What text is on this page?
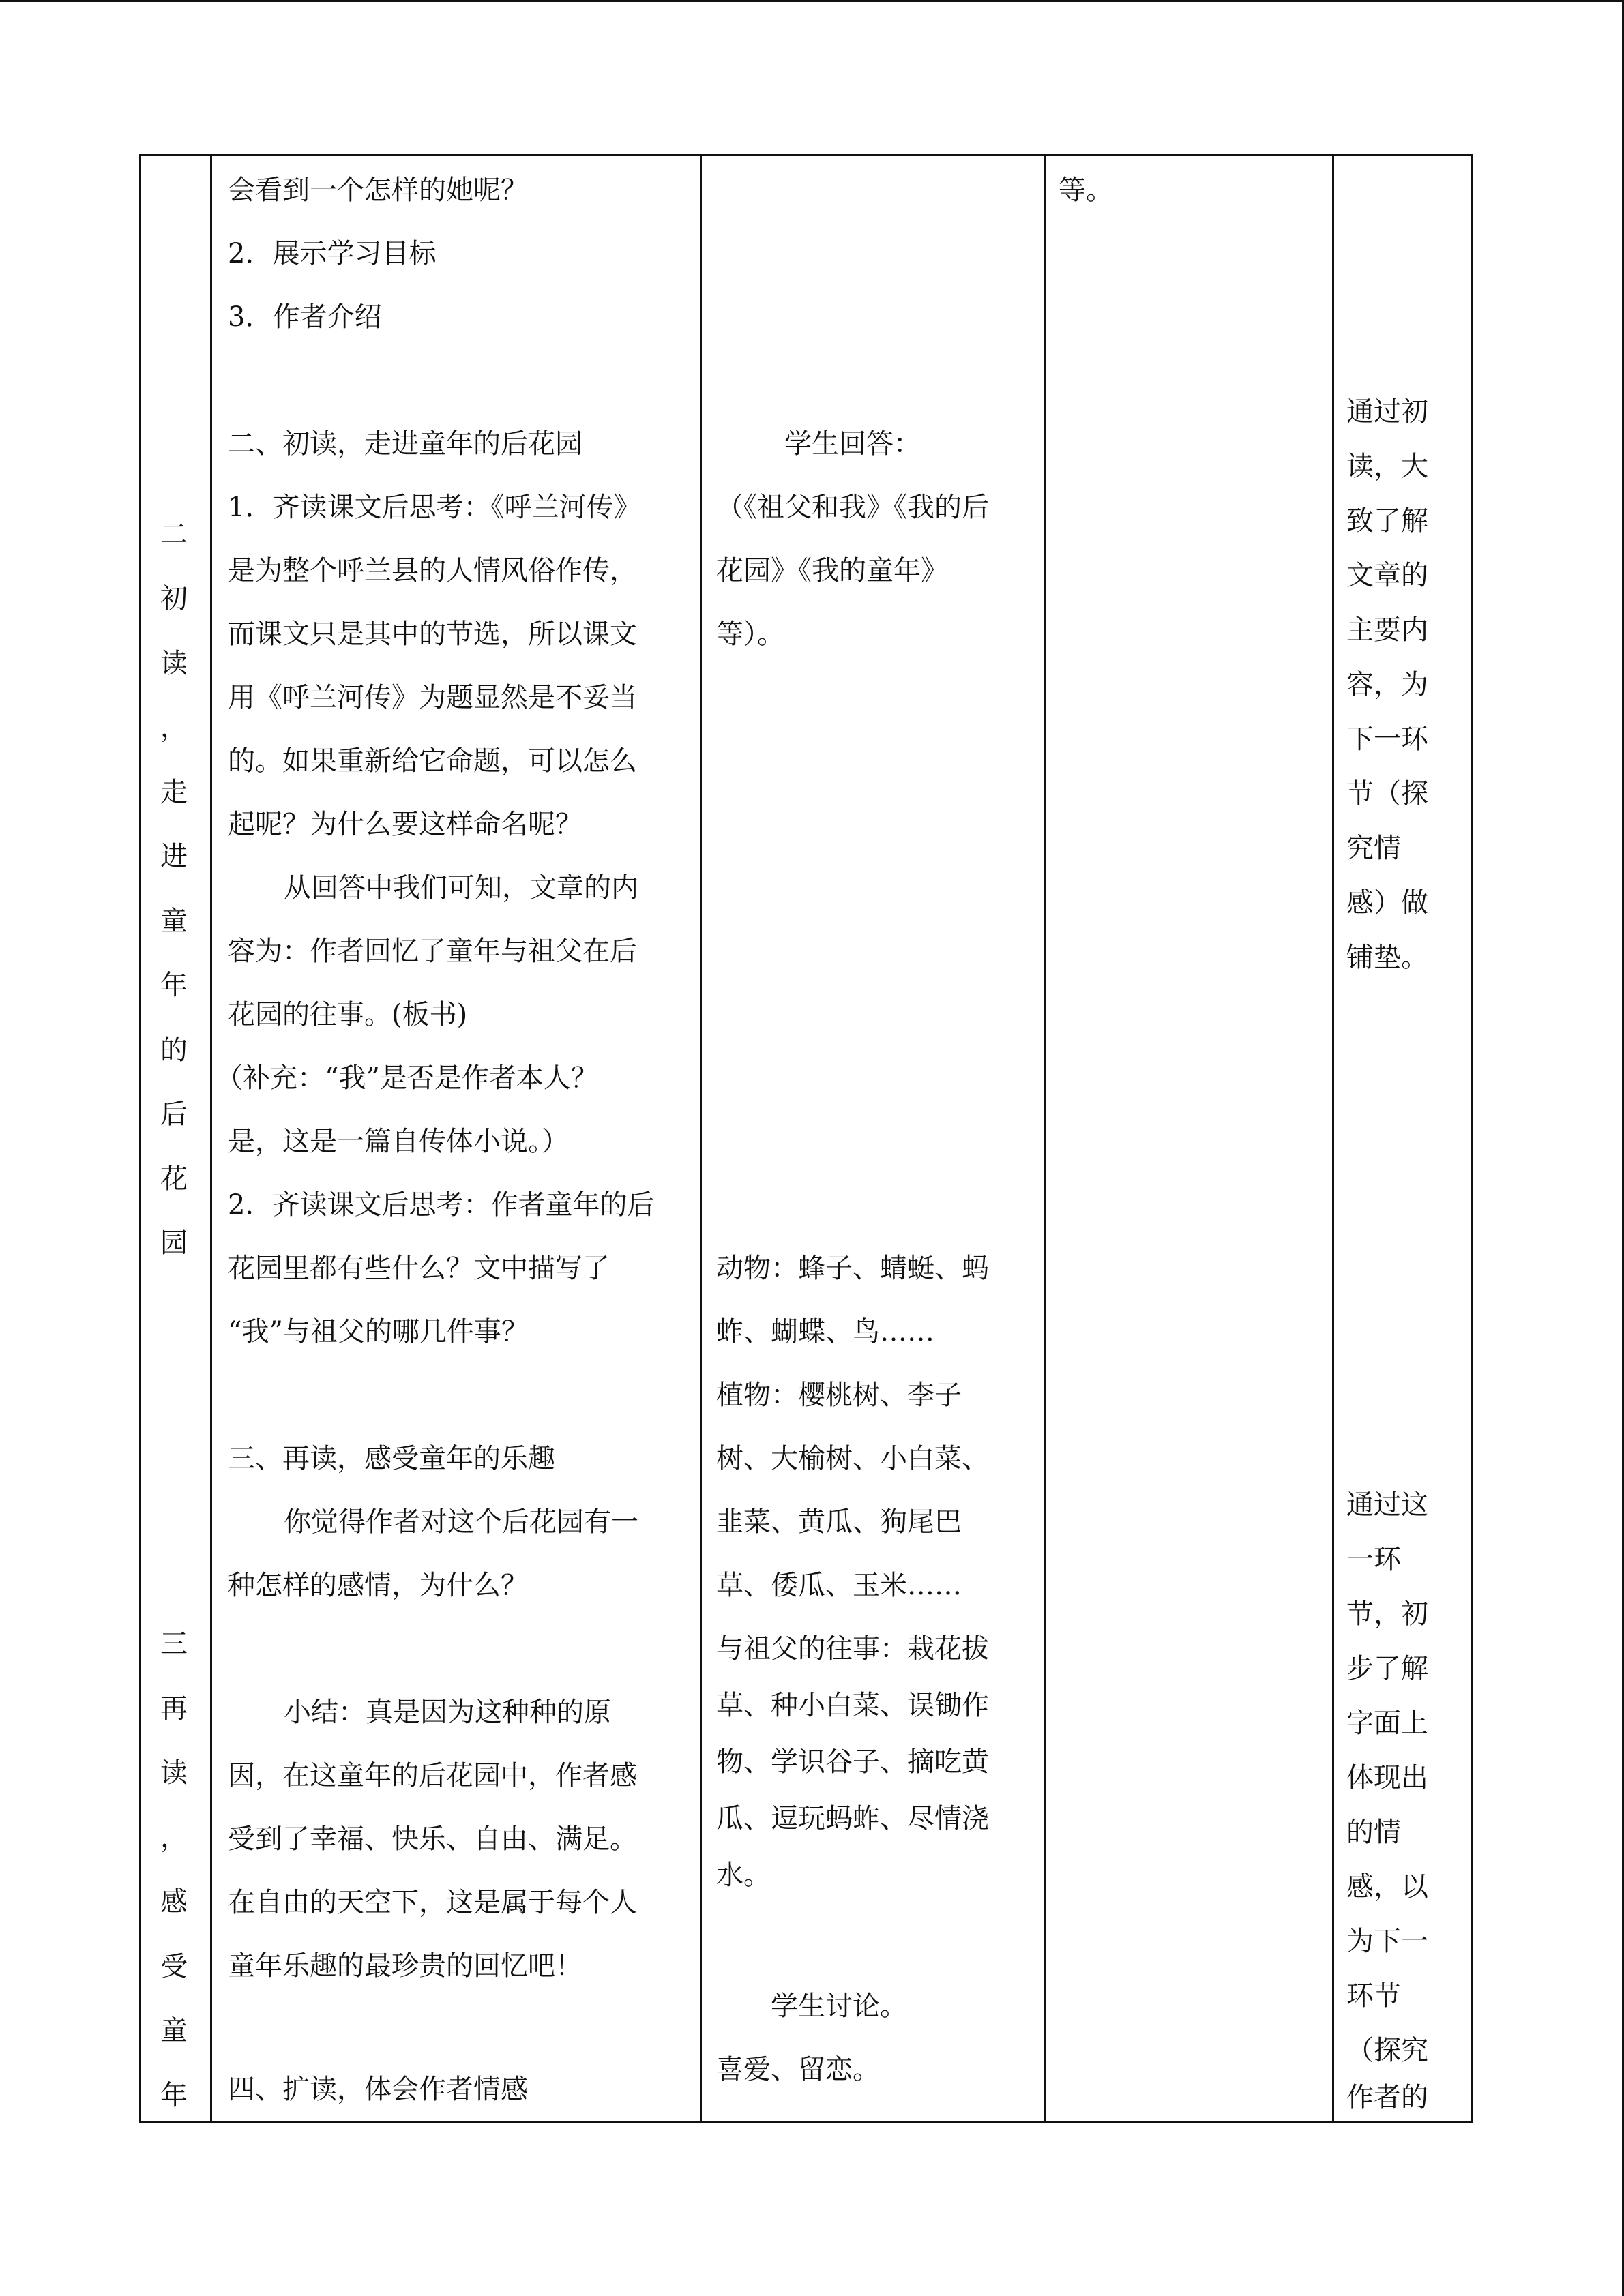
二
初
读
，
走
进
童
年
的
后
花
园
三
再
读
，
感
受
童
年
会看到一个怎样的她呢？
2．展示学习目标
3．作者介绍
二、初读，走进童年的后花园
1．齐读课文后思考：《呼兰河传》
是为整个呼兰县的人情风俗作传，
而课文只是其中的节选，所以课文
用《呼兰河传》为题显然是不妥当
的。如果重新给它命题，可以怎么
起呢？为什么要这样命名呢？
从回答中我们可知，文章的内
容为：作者回忆了童年与祖父在后
花园的往事。(板书)
（补充：“我”是否是作者本人？
是，这是一篇自传体小说。）
2．齐读课文后思考：作者童年的后
花园里都有些什么？文中描写了
“我”与祖父的哪几件事？
三、再读，感受童年的乐趣
你觉得作者对这个后花园有一
种怎样的感情，为什么？
小结：真是因为这种种的原
因，在这童年的后花园中，作者感
受到了幸福、快乐、自由、满足。
在自由的天空下，这是属于每个人
童年乐趣的最珍贵的回忆吧！
四、扩读，体会作者情感
学生回答：
（《祖父和我》《我的后
花园》《我的童年》
等）。
动物：蜂子、蜻蜓、蚂
蚱、蝴蝶、鸟……
植物：樱桃树、李子
树、大榆树、小白菜、
韭菜、黄瓜、狗尾巴
草、倭瓜、玉米……
与祖父的往事：栽花拔
草、种小白菜、误锄作
物、学识谷子、摘吃黄
瓜、逗玩蚂蚱、尽情浇
水。
学生讨论。
喜爱、留恋。
等。
通过初
读，大
致了解
文章的
主要内
容，为
下一环
节（探
究情
感）做
铺垫。
通过这
一环
节，初
步了解
字面上
体现出
的情
感，以
为下一
环节
（探究
作者的
